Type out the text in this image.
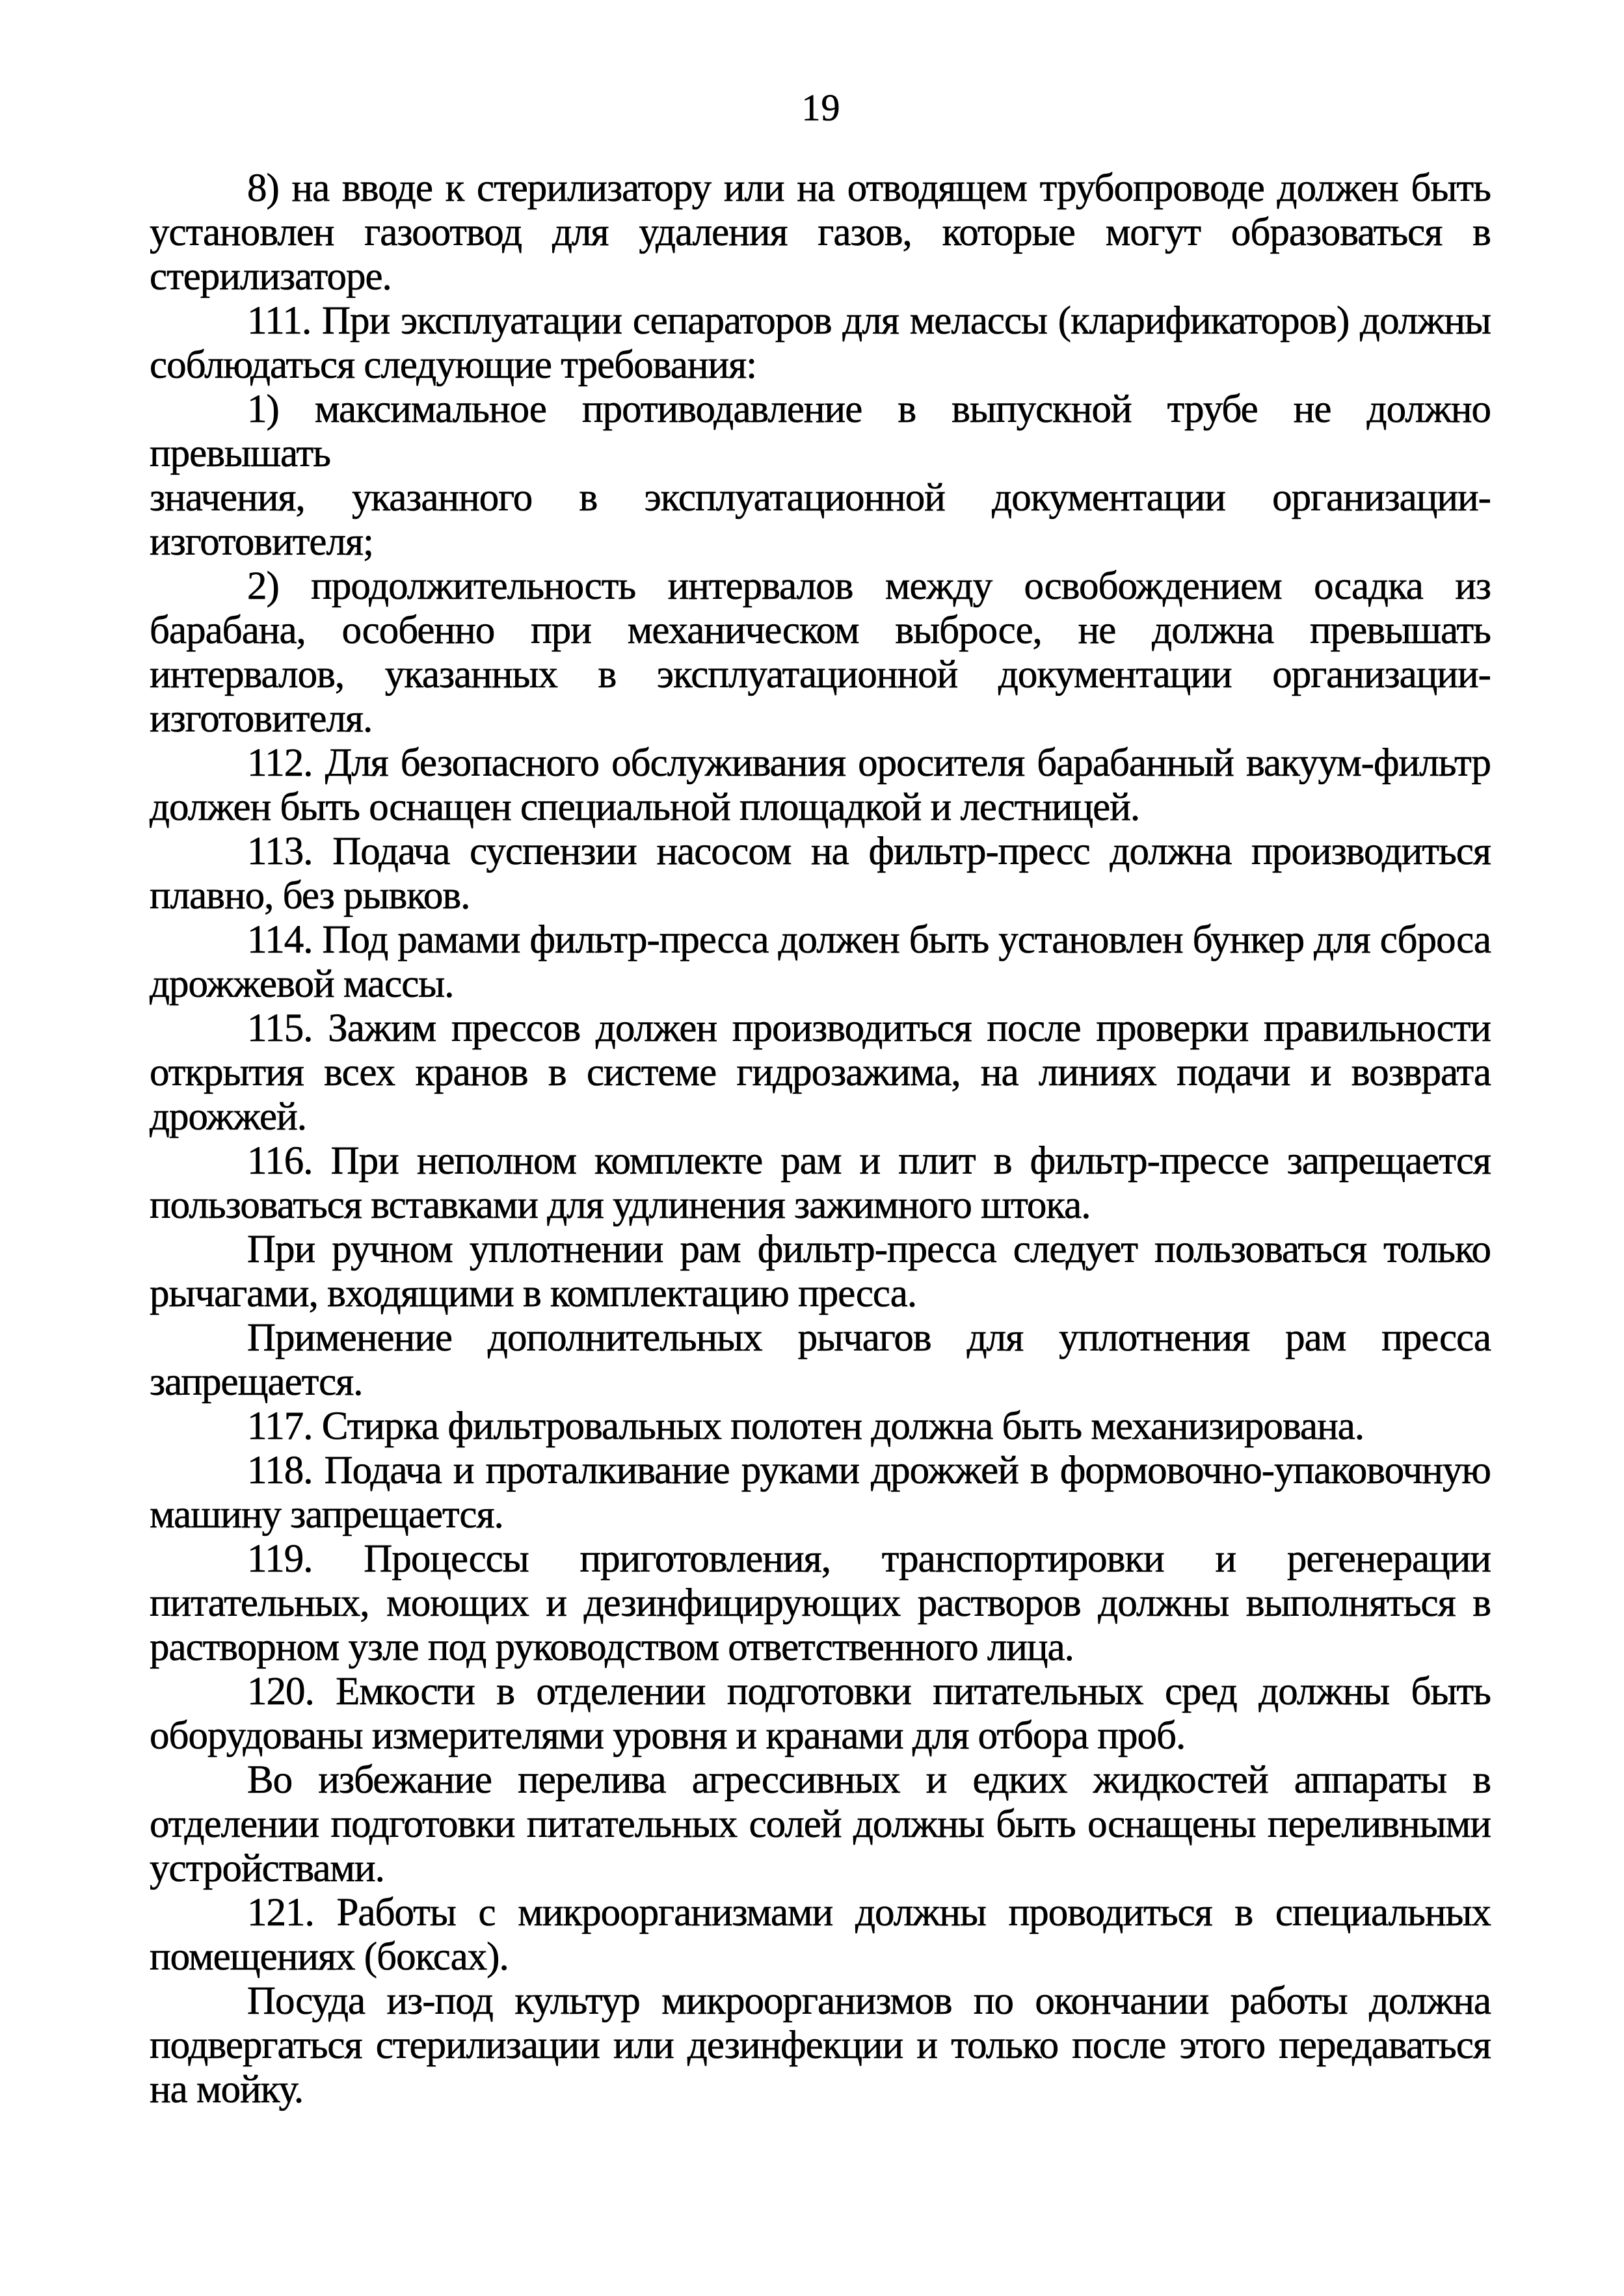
19
8) на вводе к стерилизатору или на отводящем трубопроводе должен быть
установлен газоотвод для удаления газов, которые могут образоваться в
стерилизаторе.
111. При эксплуатации сепараторов для мелассы (кларификаторов) должны
соблюдаться следующие требования:
1) максимальное противодавление в выпускной трубе не должно превышать
значения, указанного в эксплуатационной документации организации-
изготовителя;
2) продолжительность интервалов между освобождением осадка из
барабана, особенно при механическом выбросе, не должна превышать
интервалов, указанных в эксплуатационной документации организации-
изготовителя.
112. Для безопасного обслуживания оросителя барабанный вакуум-фильтр
должен быть оснащен специальной площадкой и лестницей.
113. Подача суспензии насосом на фильтр-пресс должна производиться
плавно, без рывков.
114. Под рамами фильтр-пресса должен быть установлен бункер для сброса
дрожжевой массы.
115. Зажим прессов должен производиться после проверки правильности
открытия всех кранов в системе гидрозажима, на линиях подачи и возврата
дрожжей.
116. При неполном комплекте рам и плит в фильтр-прессе запрещается
пользоваться вставками для удлинения зажимного штока.
При ручном уплотнении рам фильтр-пресса следует пользоваться только
рычагами, входящими в комплектацию пресса.
Применение дополнительных рычагов для уплотнения рам пресса
запрещается.
117. Стирка фильтровальных полотен должна быть механизирована.
118. Подача и проталкивание руками дрожжей в формовочно-упаковочную
машину запрещается.
119. Процессы приготовления, транспортировки и регенерации
питательных, моющих и дезинфицирующих растворов должны выполняться в
растворном узле под руководством ответственного лица.
120. Емкости в отделении подготовки питательных сред должны быть
оборудованы измерителями уровня и кранами для отбора проб.
Во избежание перелива агрессивных и едких жидкостей аппараты в
отделении подготовки питательных солей должны быть оснащены переливными
устройствами.
121. Работы с микроорганизмами должны проводиться в специальных
помещениях (боксах).
Посуда из-под культур микроорганизмов по окончании работы должна
подвергаться стерилизации или дезинфекции и только после этого передаваться
на мойку.
